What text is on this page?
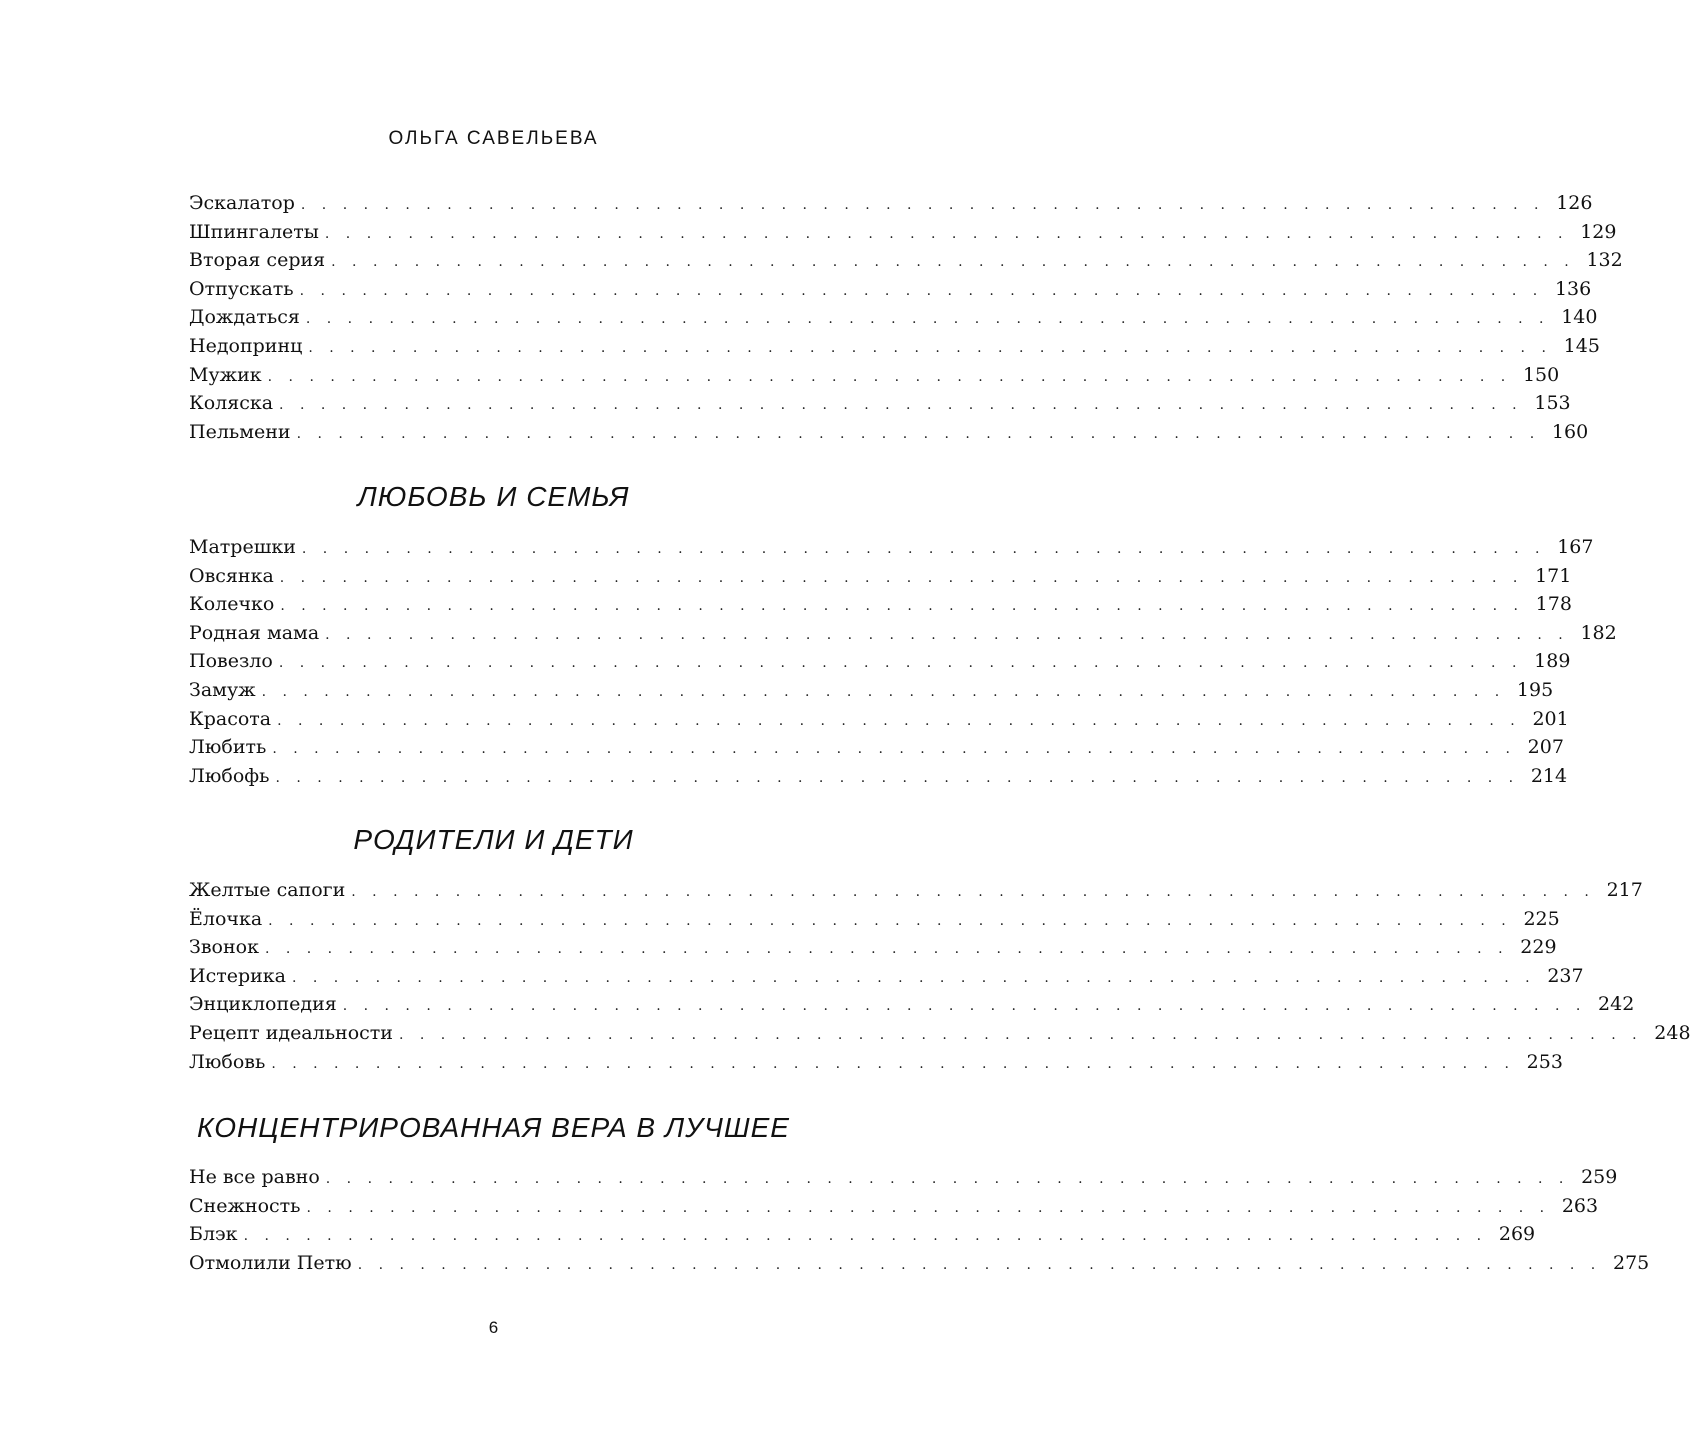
ОЛЬГА САВЕЛЬЕВА
Эскалатор . . . . . . . . . . . . . . . . . . . . . . . . . . . . . . . . . . . . . . . . . . . . . . . . . . . . . . . . . . . . 126
Шпингалеты . . . . . . . . . . . . . . . . . . . . . . . . . . . . . . . . . . . . . . . . . . . . . . . . . . . . . . . . . . . . 129
Вторая серия . . . . . . . . . . . . . . . . . . . . . . . . . . . . . . . . . . . . . . . . . . . . . . . . . . . . . . . . . . . . 132
Отпускать . . . . . . . . . . . . . . . . . . . . . . . . . . . . . . . . . . . . . . . . . . . . . . . . . . . . . . . . . . . . 136
Дождаться . . . . . . . . . . . . . . . . . . . . . . . . . . . . . . . . . . . . . . . . . . . . . . . . . . . . . . . . . . . . 140
Недопринц . . . . . . . . . . . . . . . . . . . . . . . . . . . . . . . . . . . . . . . . . . . . . . . . . . . . . . . . . . . . 145
Мужик . . . . . . . . . . . . . . . . . . . . . . . . . . . . . . . . . . . . . . . . . . . . . . . . . . . . . . . . . . . . 150
Коляска . . . . . . . . . . . . . . . . . . . . . . . . . . . . . . . . . . . . . . . . . . . . . . . . . . . . . . . . . . . . 153
Пельмени . . . . . . . . . . . . . . . . . . . . . . . . . . . . . . . . . . . . . . . . . . . . . . . . . . . . . . . . . . . . 160
ЛЮБОВЬ И СЕМЬЯ
Матрешки . . . . . . . . . . . . . . . . . . . . . . . . . . . . . . . . . . . . . . . . . . . . . . . . . . . . . . . . . . . . 167
Овсянка . . . . . . . . . . . . . . . . . . . . . . . . . . . . . . . . . . . . . . . . . . . . . . . . . . . . . . . . . . . . 171
Колечко . . . . . . . . . . . . . . . . . . . . . . . . . . . . . . . . . . . . . . . . . . . . . . . . . . . . . . . . . . . . 178
Родная мама . . . . . . . . . . . . . . . . . . . . . . . . . . . . . . . . . . . . . . . . . . . . . . . . . . . . . . . . . . . . 182
Повезло . . . . . . . . . . . . . . . . . . . . . . . . . . . . . . . . . . . . . . . . . . . . . . . . . . . . . . . . . . . . 189
Замуж . . . . . . . . . . . . . . . . . . . . . . . . . . . . . . . . . . . . . . . . . . . . . . . . . . . . . . . . . . . . 195
Красота . . . . . . . . . . . . . . . . . . . . . . . . . . . . . . . . . . . . . . . . . . . . . . . . . . . . . . . . . . . . 201
Любить . . . . . . . . . . . . . . . . . . . . . . . . . . . . . . . . . . . . . . . . . . . . . . . . . . . . . . . . . . . . 207
Любофь . . . . . . . . . . . . . . . . . . . . . . . . . . . . . . . . . . . . . . . . . . . . . . . . . . . . . . . . . . . . 214
РОДИТЕЛИ И ДЕТИ
Желтые сапоги . . . . . . . . . . . . . . . . . . . . . . . . . . . . . . . . . . . . . . . . . . . . . . . . . . . . . . . . . . . . 217
Ёлочка . . . . . . . . . . . . . . . . . . . . . . . . . . . . . . . . . . . . . . . . . . . . . . . . . . . . . . . . . . . . 225
Звонок . . . . . . . . . . . . . . . . . . . . . . . . . . . . . . . . . . . . . . . . . . . . . . . . . . . . . . . . . . . . 229
Истерика . . . . . . . . . . . . . . . . . . . . . . . . . . . . . . . . . . . . . . . . . . . . . . . . . . . . . . . . . . . . 237
Энциклопедия . . . . . . . . . . . . . . . . . . . . . . . . . . . . . . . . . . . . . . . . . . . . . . . . . . . . . . . . . . . . 242
Рецепт идеальности . . . . . . . . . . . . . . . . . . . . . . . . . . . . . . . . . . . . . . . . . . . . . . . . . . . . . . . . . . . . 248
Любовь . . . . . . . . . . . . . . . . . . . . . . . . . . . . . . . . . . . . . . . . . . . . . . . . . . . . . . . . . . . . 253
КОНЦЕНТРИРОВАННАЯ ВЕРА В ЛУЧШЕЕ
Не все равно . . . . . . . . . . . . . . . . . . . . . . . . . . . . . . . . . . . . . . . . . . . . . . . . . . . . . . . . . . . . 259
Снежность . . . . . . . . . . . . . . . . . . . . . . . . . . . . . . . . . . . . . . . . . . . . . . . . . . . . . . . . . . . . 263
Блэк . . . . . . . . . . . . . . . . . . . . . . . . . . . . . . . . . . . . . . . . . . . . . . . . . . . . . . . . . . . . 269
Отмолили Петю . . . . . . . . . . . . . . . . . . . . . . . . . . . . . . . . . . . . . . . . . . . . . . . . . . . . . . . . . . . . 275
6
